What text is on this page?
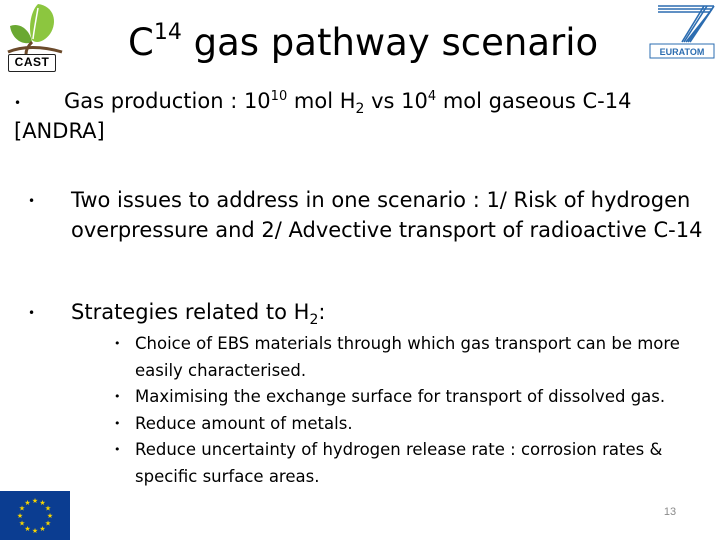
CAST $C^{14}$ gas pathway scenario	EURATOM
•	Gas production : $10^{10}$ mol $H_2$ vs $10^4$ mol gaseous C-14 [ANDRA]
• Two issues to address in one scenario : 1/ Risk of hydrogen overpressure and 2/ Advective transport of radioactive C-14
• Strategies related to $H_2$:
• Choice of EBS materials through which gas transport can be more easily characterised.
• Maximising the exchange surface for transport of dissolved gas.
• Reduce amount of metals.
• Reduce uncertainty of hydrogen release rate : corrosion rates & specific surface areas.
★ ★
★
★
★
★
★
★
★
★
★
★
13
